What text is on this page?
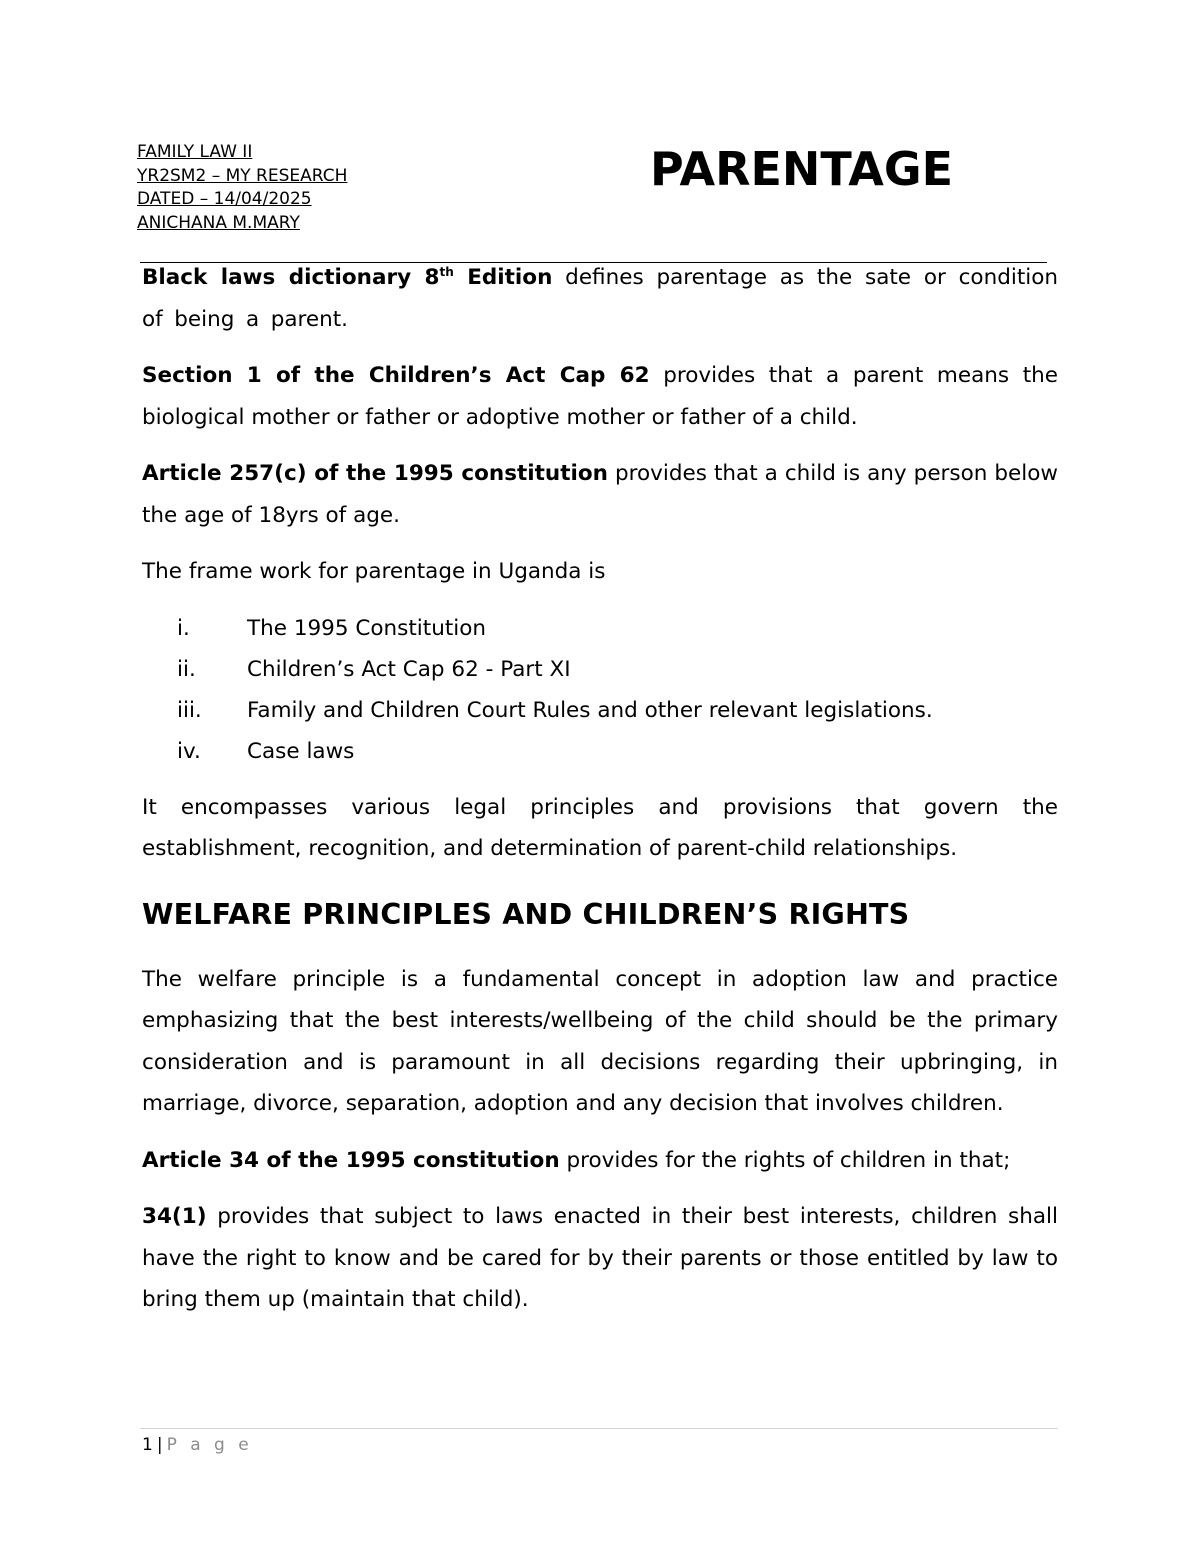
FAMILY LAW II
YR2SM2 – MY RESEARCH
DATED – 14/04/2025
ANICHANA M.MARY
PARENTAGE

Black laws dictionary 8th Edition defines parentage as the sate or condition of being a parent.

Section 1 of the Children’s Act Cap 62 provides that a parent means the biological mother or father or adoptive mother or father of a child.

Article 257(c) of the 1995 constitution provides that a child is any person below the age of 18yrs of age.

The frame work for parentage in Uganda is

i.	The 1995 Constitution
ii.	Children’s Act Cap 62 - Part XI
iii.	Family and Children Court Rules and other relevant legislations.
iv.	Case laws

It encompasses various legal principles and provisions that govern the establishment, recognition, and determination of parent-child relationships.

WELFARE PRINCIPLES AND CHILDREN’S RIGHTS

The welfare principle is a fundamental concept in adoption law and practice emphasizing that the best interests/wellbeing of the child should be the primary consideration and is paramount in all decisions regarding their upbringing, in marriage, divorce, separation, adoption and any decision that involves children.

Article 34 of the 1995 constitution provides for the rights of children in that;

34(1) provides that subject to laws enacted in their best interests, children shall have the right to know and be cared for by their parents or those entitled by law to bring them up (maintain that child).

1 | P a g e
